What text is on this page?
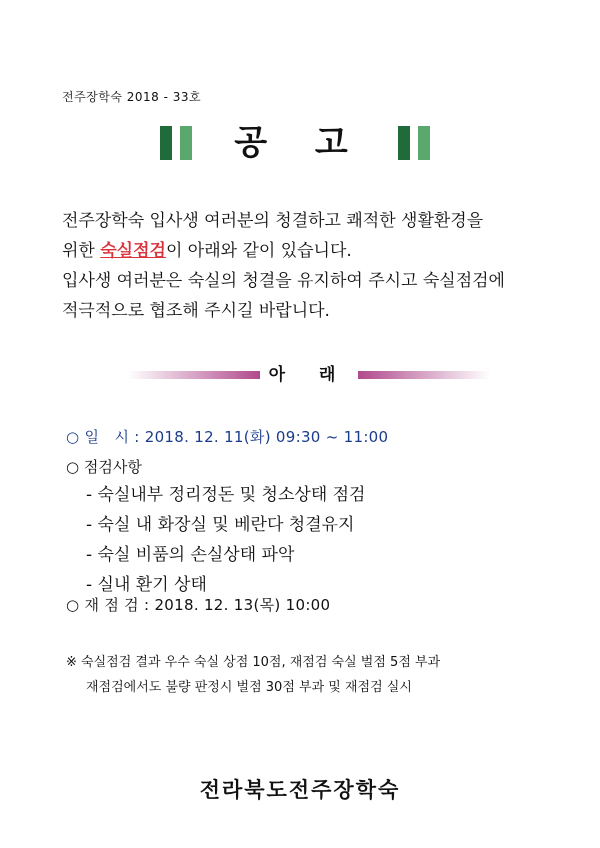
전주장학숙 2018 - 33호
공 고
전주장학숙 입사생 여러분의 청결하고 쾌적한 생활환경을
위한 숙실점검이 아래와 같이 있습니다.
입사생 여러분은 숙실의 청결을 유지하여 주시고 숙실점검에
적극적으로 협조해 주시길 바랍니다.
아 래
○ 일   시 : 2018. 12. 11(화) 09:30 ~ 11:00
○ 점검사항
- 숙실내부 정리정돈 및 청소상태 점검
- 숙실 내 화장실 및 베란다 청결유지
- 숙실 비품의 손실상태 파악
- 실내 환기 상태
○ 재 점 검 : 2018. 12. 13(목) 10:00
※ 숙실점검 결과 우수 숙실 상점 10점, 재점검 숙실 벌점 5점 부과
재점검에서도 불량 판정시 벌점 30점 부과 및 재점검 실시
전라북도전주장학숙
